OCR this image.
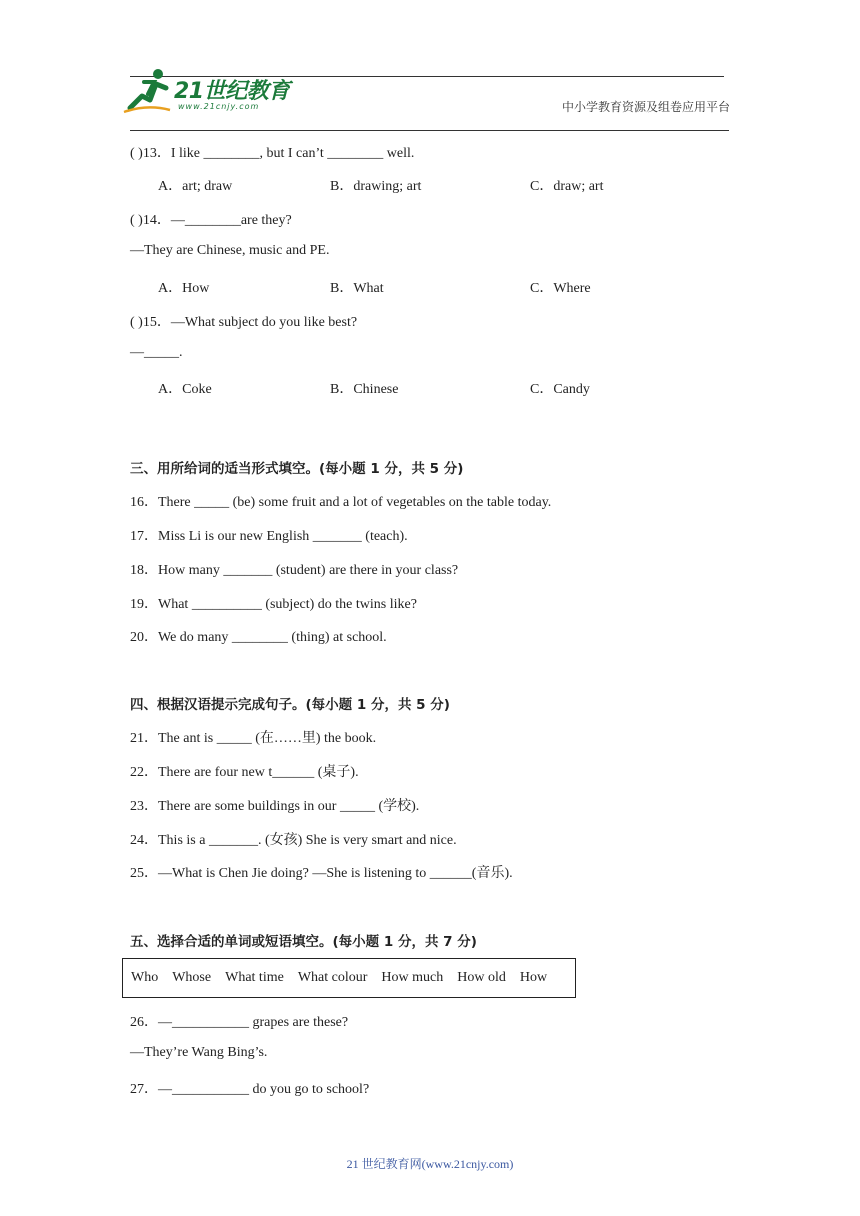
21世纪教育
www.21cnjy.com	中小学教育资源及组卷应用平台
( )13．I like ________, but I can’t ________ well.
A．art; draw	B．drawing; art	C．draw; art
( )14．—________are they?
—They are Chinese, music and PE.
A．How	B．What	C．Where
( )15．—What subject do you like best?
—_____.
A．Coke	B．Chinese	C．Candy
三、用所给词的适当形式填空。(每小题 1 分，共 5 分)
16．There _____ (be) some fruit and a lot of vegetables on the table today.
17．Miss Li is our new English _______ (teach).
18．How many _______ (student) are there in your class?
19．What __________ (subject) do the twins like?
20．We do many ________ (thing) at school.
四、根据汉语提示完成句子。(每小题 1 分，共 5 分)
21．The ant is _____ (在……里) the book.
22．There are four new t______ (桌子).
23．There are some buildings in our _____ (学校).
24．This is a _______. (女孩) She is very smart and nice.
25．—What is Chen Jie doing? —She is listening to ______(音乐).
五、选择合适的单词或短语填空。(每小题 1 分，共 7 分)
Who Whose What time What colour How much How old How
26．—___________ grapes are these?
—They’re Wang Bing’s.
27．—___________ do you go to school?
21 世纪教育网(www.21cnjy.com)
